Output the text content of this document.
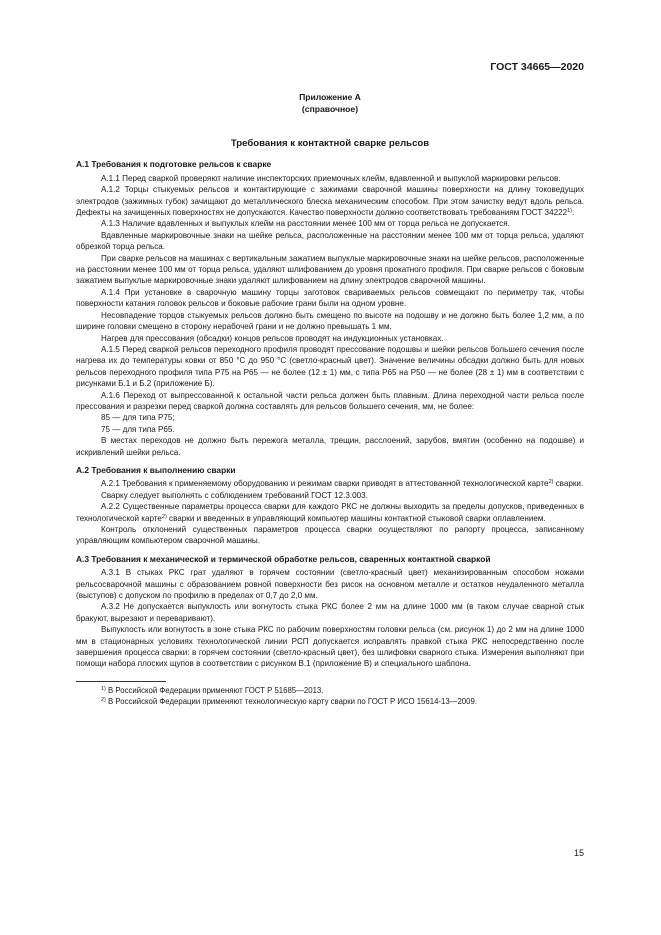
ГОСТ 34665—2020
Приложение А
(справочное)
Требования к контактной сварке рельсов
А.1 Требования к подготовке рельсов к сварке

А.1.1 Перед сваркой проверяют наличие инспекторских приемочных клейм, вдавленной и выпуклой маркировки рельсов.

А.1.2 Торцы стыкуемых рельсов и контактирующие с зажимами сварочной машины поверхности на длину токоведущих электродов (зажимных губок) зачищают до металлического блеска механическим способом. При этом зачистку ведут вдоль рельса. Дефекты на зачищенных поверхностях не допускаются. Качество поверхности должно соответствовать требованиям ГОСТ 34222$^{1)}$.

А.1.3 Наличие вдавленных и выпуклых клейм на расстоянии менее 100 мм от торца рельса не допускается.

Вдавленные маркировочные знаки на шейке рельса, расположенные на расстоянии менее 100 мм от торца рельса, удаляют обрезкой торца рельса.

При сварке рельсов на машинах с вертикальным зажатием выпуклые маркировочные знаки на шейке рельсов, расположенные на расстоянии менее 100 мм от торца рельса, удаляют шлифованием до уровня прокатного профиля. При сварке рельсов с боковым зажатием выпуклые маркировочные знаки удаляют шлифованием на длину электродов сварочной машины.

А.1.4 При установке в сварочную машину торцы заготовок свариваемых рельсов совмещают по периметру так, чтобы поверхности катания головок рельсов и боковые рабочие грани были на одном уровне.

Несовпадение торцов стыкуемых рельсов должно быть смещено по высоте на подошву и не должно быть более 1,2 мм, а по ширине головки смещено в сторону нерабочей грани и не должно превышать 1 мм.

Нагрев для прессования (обсадки) концов рельсов проводят на индукционных установках.

А.1.5 Перед сваркой рельсов переходного профиля проводят прессование подошвы и шейки рельсов большего сечения после нагрева их до температуры ковки от 850 °С до 950 °С (светло-красный цвет). Значение величины обсадки должно быть для новых рельсов переходного профиля типа Р75 на Р65 — не более (12 ± 1) мм, с типа Р65 на Р50 — не более (28 ± 1) мм в соответствии с рисунками Б.1 и Б.2 (приложение Б).

А.1.6 Переход от выпрессованной к остальной части рельса должен быть плавным. Длина переходной части рельса после прессования и разрезки перед сваркой должна составлять для рельсов большего сечения, мм, не более:

85 — для типа Р75;

75 — для типа Р65.

В местах переходов не должно быть пережога металла, трещин, расслоений, зарубов, вмятин (особенно на подошве) и искривлений шейки рельса.

А.2 Требования к выполнению сварки

А.2.1 Требования к применяемому оборудованию и режимам сварки приводят в аттестованной технологической карте$^{2)}$ сварки.

Сварку следует выполнять с соблюдением требований ГОСТ 12.3.003.

А.2.2 Существенные параметры процесса сварки для каждого РКС не должны выходить за пределы допусков, приведенных в технологической карте$^{2)}$ сварки и введенных в управляющий компьютер машины контактной стыковой сварки оплавлением.

Контроль отклонений существенных параметров процесса сварки осуществляют по рапорту процесса, записанному управляющим компьютером сварочной машины.

А.3 Требования к механической и термической обработке рельсов, сваренных контактной сваркой

А.3.1 В стыках РКС грат удаляют в горячем состоянии (светло-красный цвет) механизированным способом ножами рельсосварочной машины с образованием ровной поверхности без рисок на основном металле и остатков неудаленного металла (выступов) с допуском по профилю в пределах от 0,7 до 2,0 мм.

А.3.2 Не допускается выпуклость или вогнутость стыка РКС более 2 мм на длине 1000 мм (в таком случае сварной стык бракуют, вырезают и переваривают).

Выпуклость или вогнутость в зоне стыка РКС по рабочим поверхностям головки рельса (см. рисунок 1) до 2 мм на длине 1000 мм в стационарных условиях технологической линии РСП допускается исправлять правкой стыка РКС непосредственно после завершения процесса сварки: в горячем состоянии (светло-красный цвет), без шлифовки сварного стыка. Измерения выполняют при помощи набора плоских щупов в соответствии с рисунком В.1 (приложение В) и специального шаблона.

$^{1)}$ В Российской Федерации применяют ГОСТ Р 51685—2013.
$^{2)}$ В Российской Федерации применяют технологическую карту сварки по ГОСТ Р ИСО 15614-13—2009.
15
